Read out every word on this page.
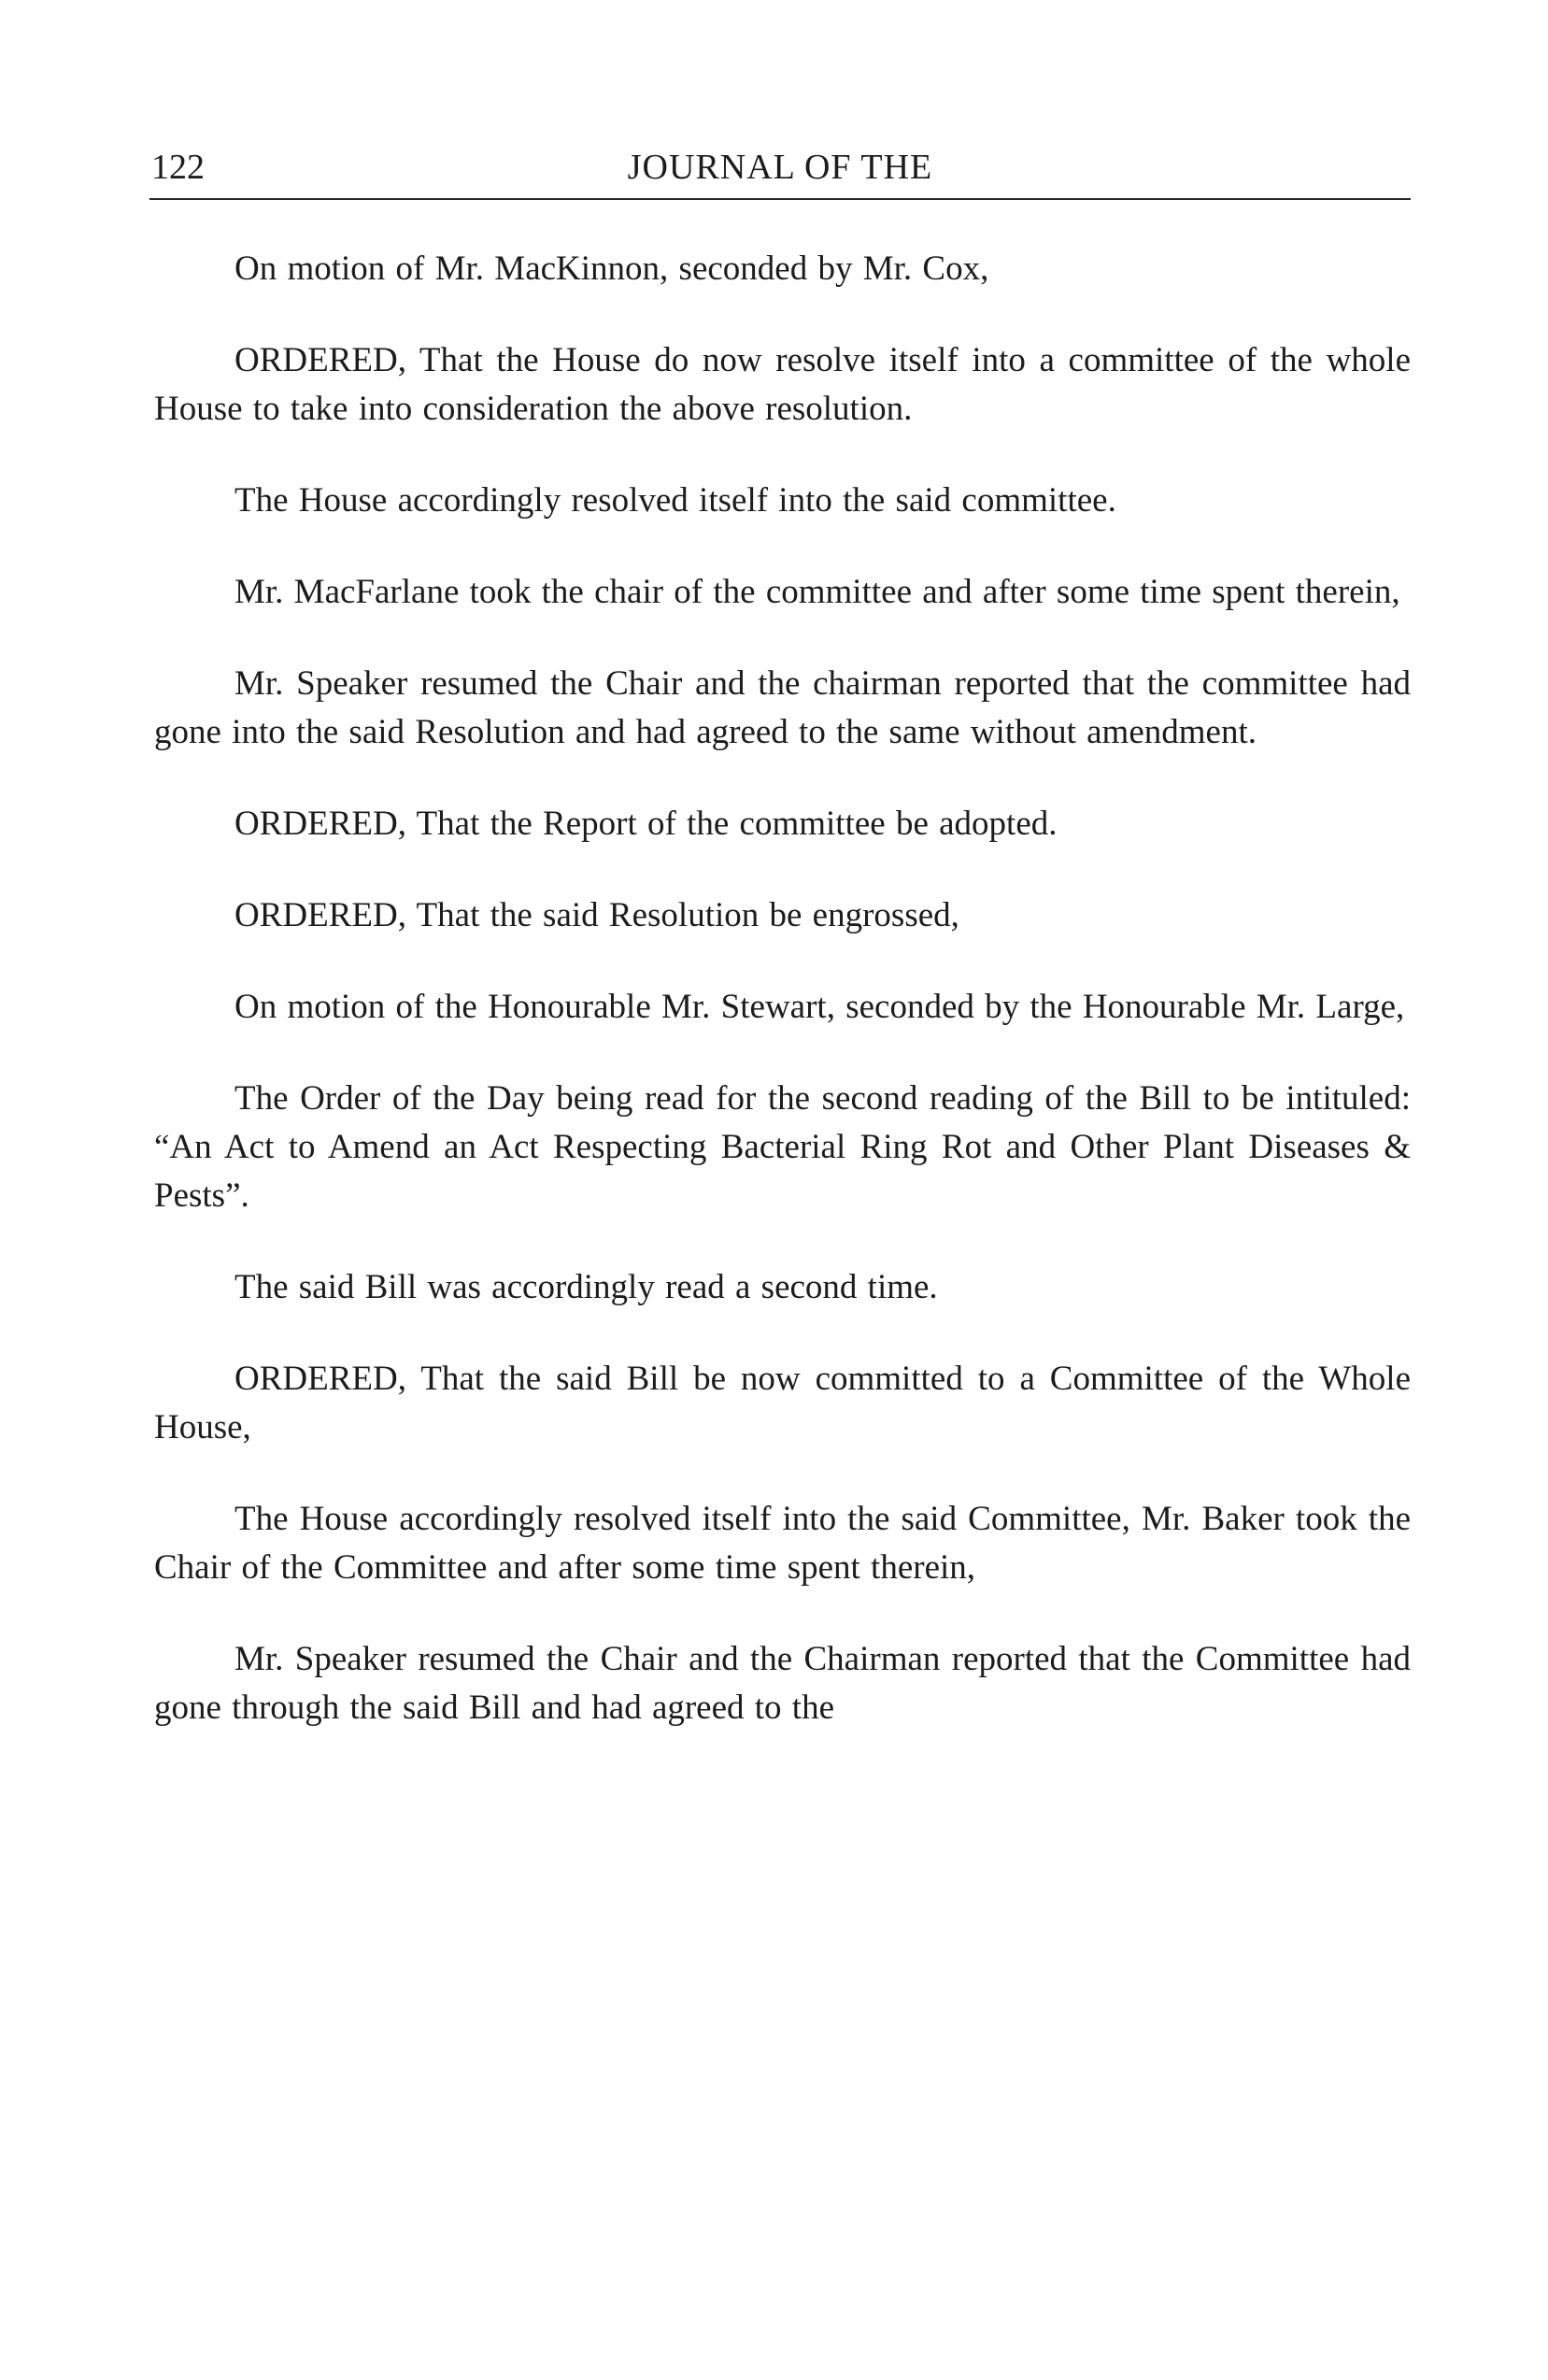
122	JOURNAL OF THE

On motion of Mr. MacKinnon, seconded by Mr. Cox,

ORDERED, That the House do now resolve itself into a committee of the whole House to take into consideration the above resolution.

The House accordingly resolved itself into the said committee.

Mr. MacFarlane took the chair of the committee and after some time spent therein,

Mr. Speaker resumed the Chair and the chairman reported that the committee had gone into the said Resolution and had agreed to the same without amendment.

ORDERED, That the Report of the committee be adopted.

ORDERED, That the said Resolution be engrossed,

On motion of the Honourable Mr. Stewart, seconded by the Honourable Mr. Large,

The Order of the Day being read for the second reading of the Bill to be intituled: “An Act to Amend an Act Respecting Bacterial Ring Rot and Other Plant Diseases & Pests”.

The said Bill was accordingly read a second time.

ORDERED, That the said Bill be now committed to a Committee of the Whole House,

The House accordingly resolved itself into the said Committee, Mr. Baker took the Chair of the Committee and after some time spent therein,

Mr. Speaker resumed the Chair and the Chairman reported that the Committee had gone through the said Bill and had agreed to the
